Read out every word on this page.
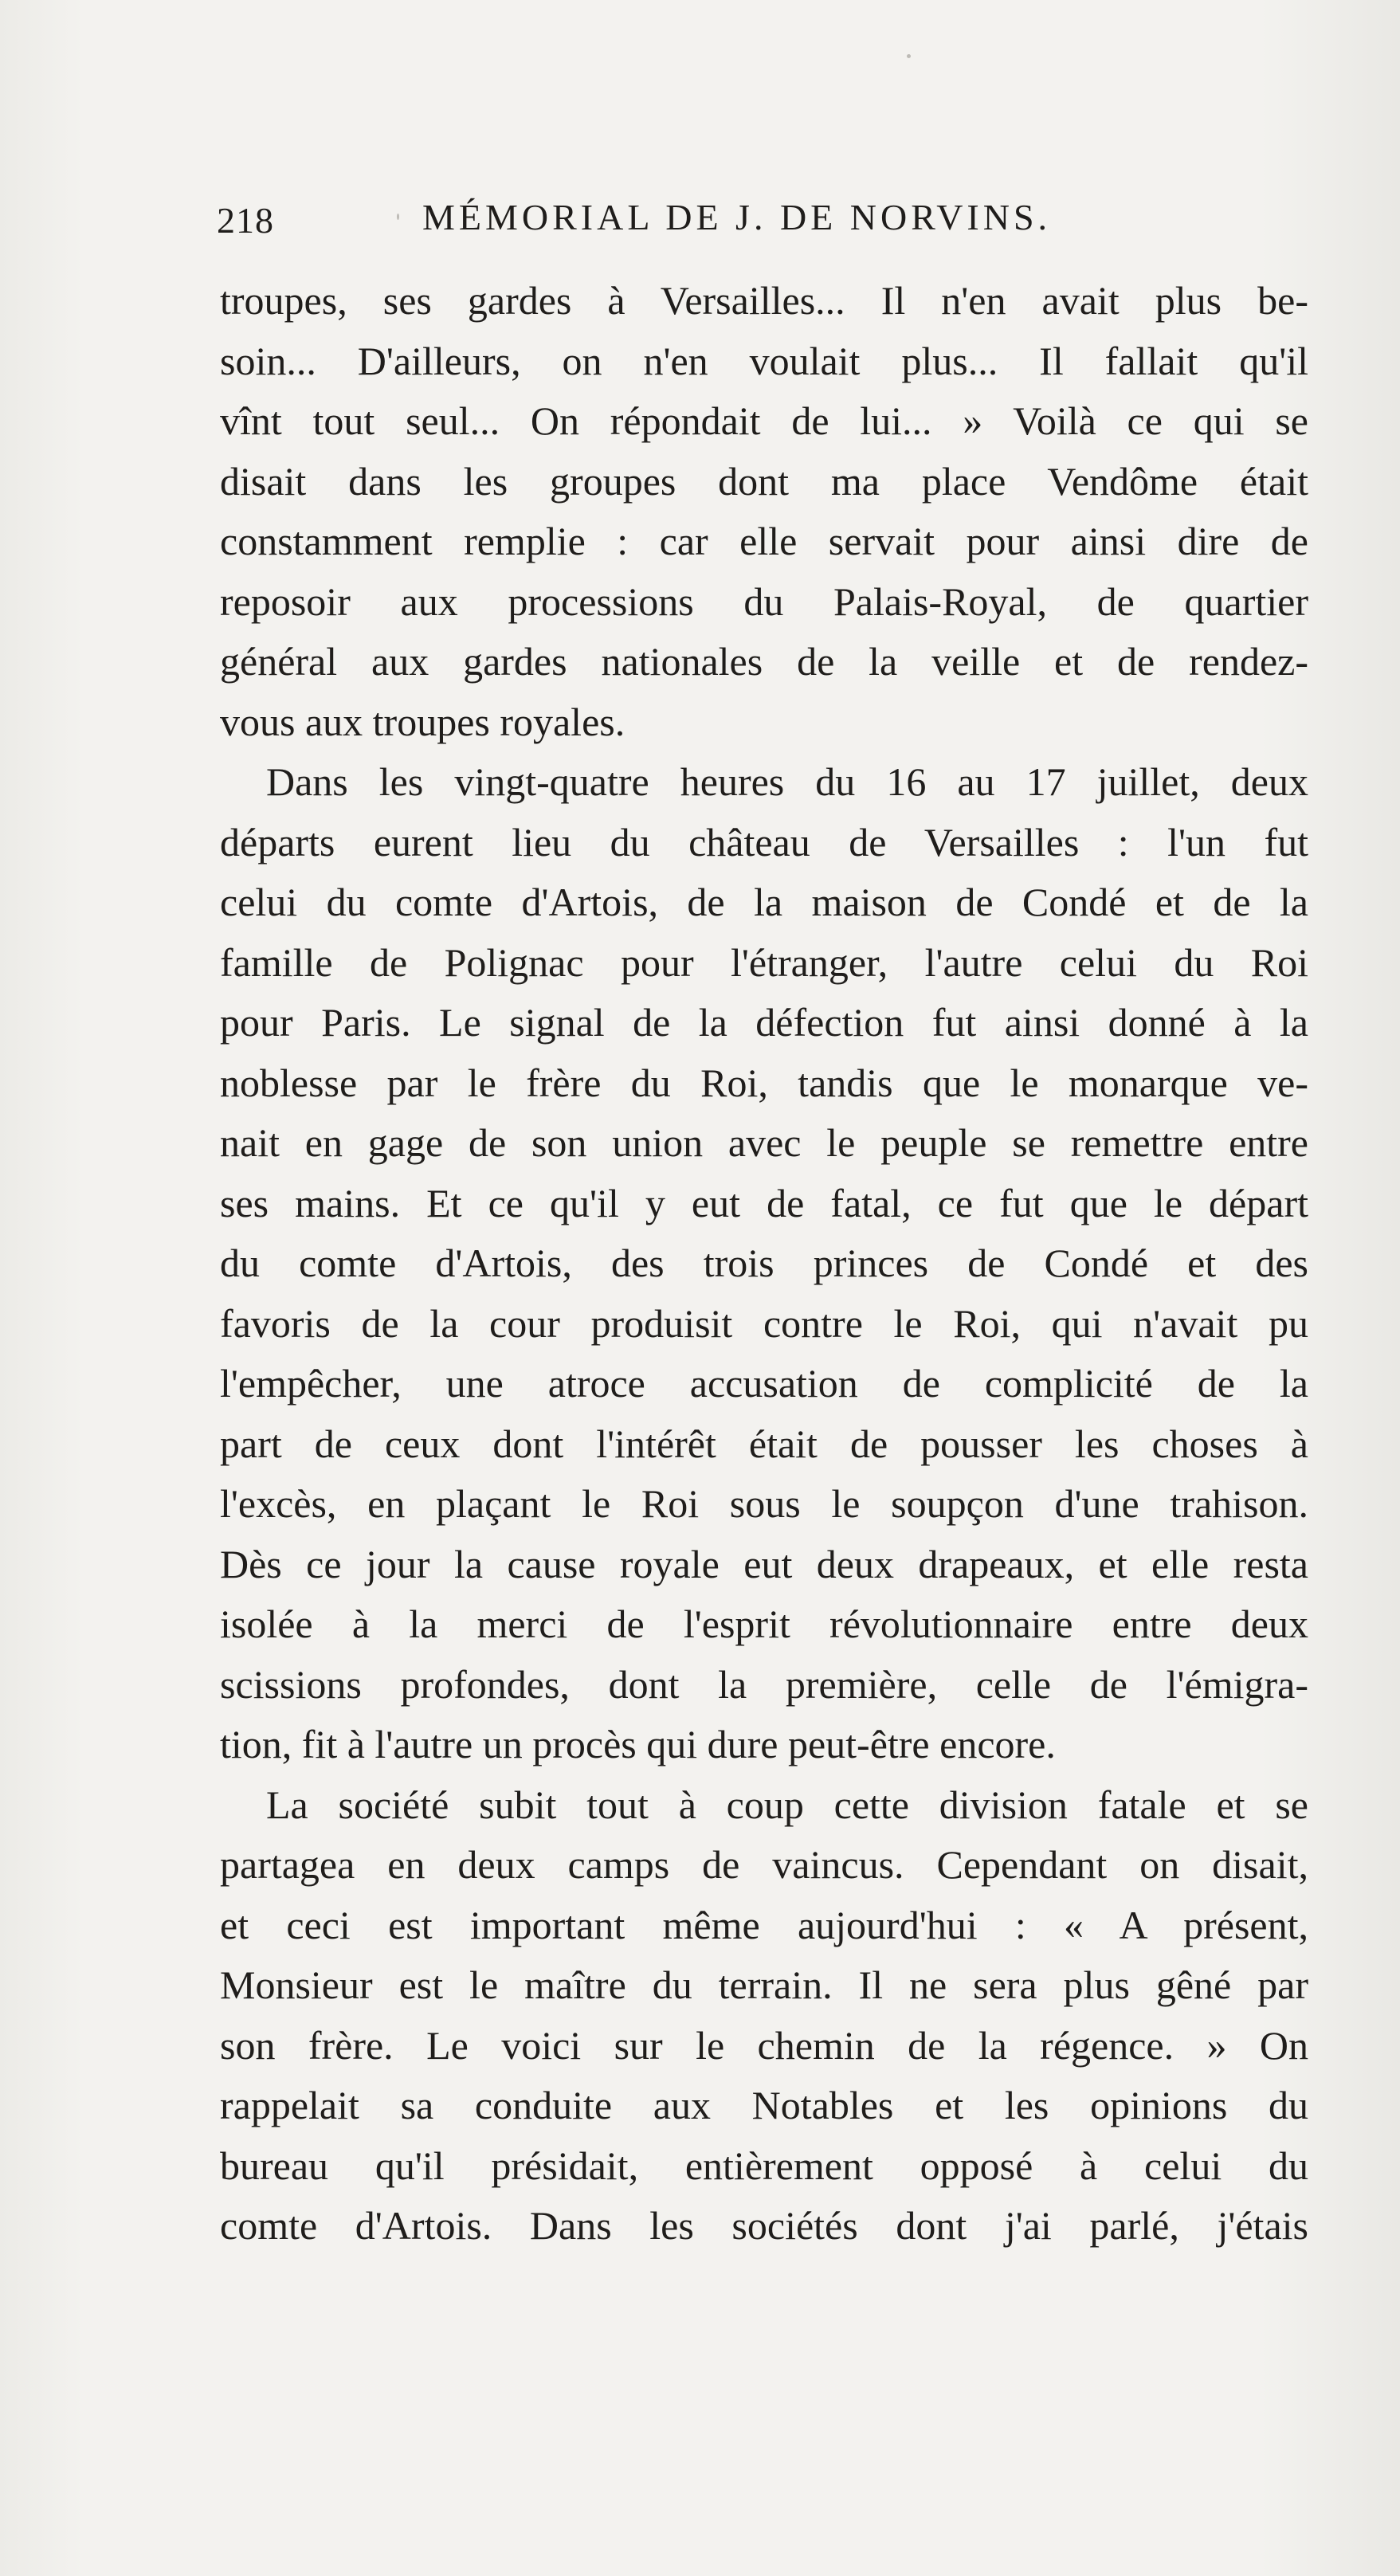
218	MÉMORIAL DE J. DE NORVINS.
troupes, ses gardes à Versailles... Il n'en avait plus be-
soin... D'ailleurs, on n'en voulait plus... Il fallait qu'il
vînt tout seul... On répondait de lui... » Voilà ce qui se
disait dans les groupes dont ma place Vendôme était
constamment remplie : car elle servait pour ainsi dire de
reposoir aux processions du Palais-Royal, de quartier
général aux gardes nationales de la veille et de rendez-
vous aux troupes royales.
Dans les vingt-quatre heures du 16 au 17 juillet, deux
départs eurent lieu du château de Versailles : l'un fut
celui du comte d'Artois, de la maison de Condé et de la
famille de Polignac pour l'étranger, l'autre celui du Roi
pour Paris. Le signal de la défection fut ainsi donné à la
noblesse par le frère du Roi, tandis que le monarque ve-
nait en gage de son union avec le peuple se remettre entre
ses mains. Et ce qu'il y eut de fatal, ce fut que le départ
du comte d'Artois, des trois princes de Condé et des
favoris de la cour produisit contre le Roi, qui n'avait pu
l'empêcher, une atroce accusation de complicité de la
part de ceux dont l'intérêt était de pousser les choses à
l'excès, en plaçant le Roi sous le soupçon d'une trahison.
Dès ce jour la cause royale eut deux drapeaux, et elle resta
isolée à la merci de l'esprit révolutionnaire entre deux
scissions profondes, dont la première, celle de l'émigra-
tion, fit à l'autre un procès qui dure peut-être encore.
La société subit tout à coup cette division fatale et se
partagea en deux camps de vaincus. Cependant on disait,
et ceci est important même aujourd'hui : « A présent,
Monsieur est le maître du terrain. Il ne sera plus gêné par
son frère. Le voici sur le chemin de la régence. » On
rappelait sa conduite aux Notables et les opinions du
bureau qu'il présidait, entièrement opposé à celui du
comte d'Artois. Dans les sociétés dont j'ai parlé, j'étais
